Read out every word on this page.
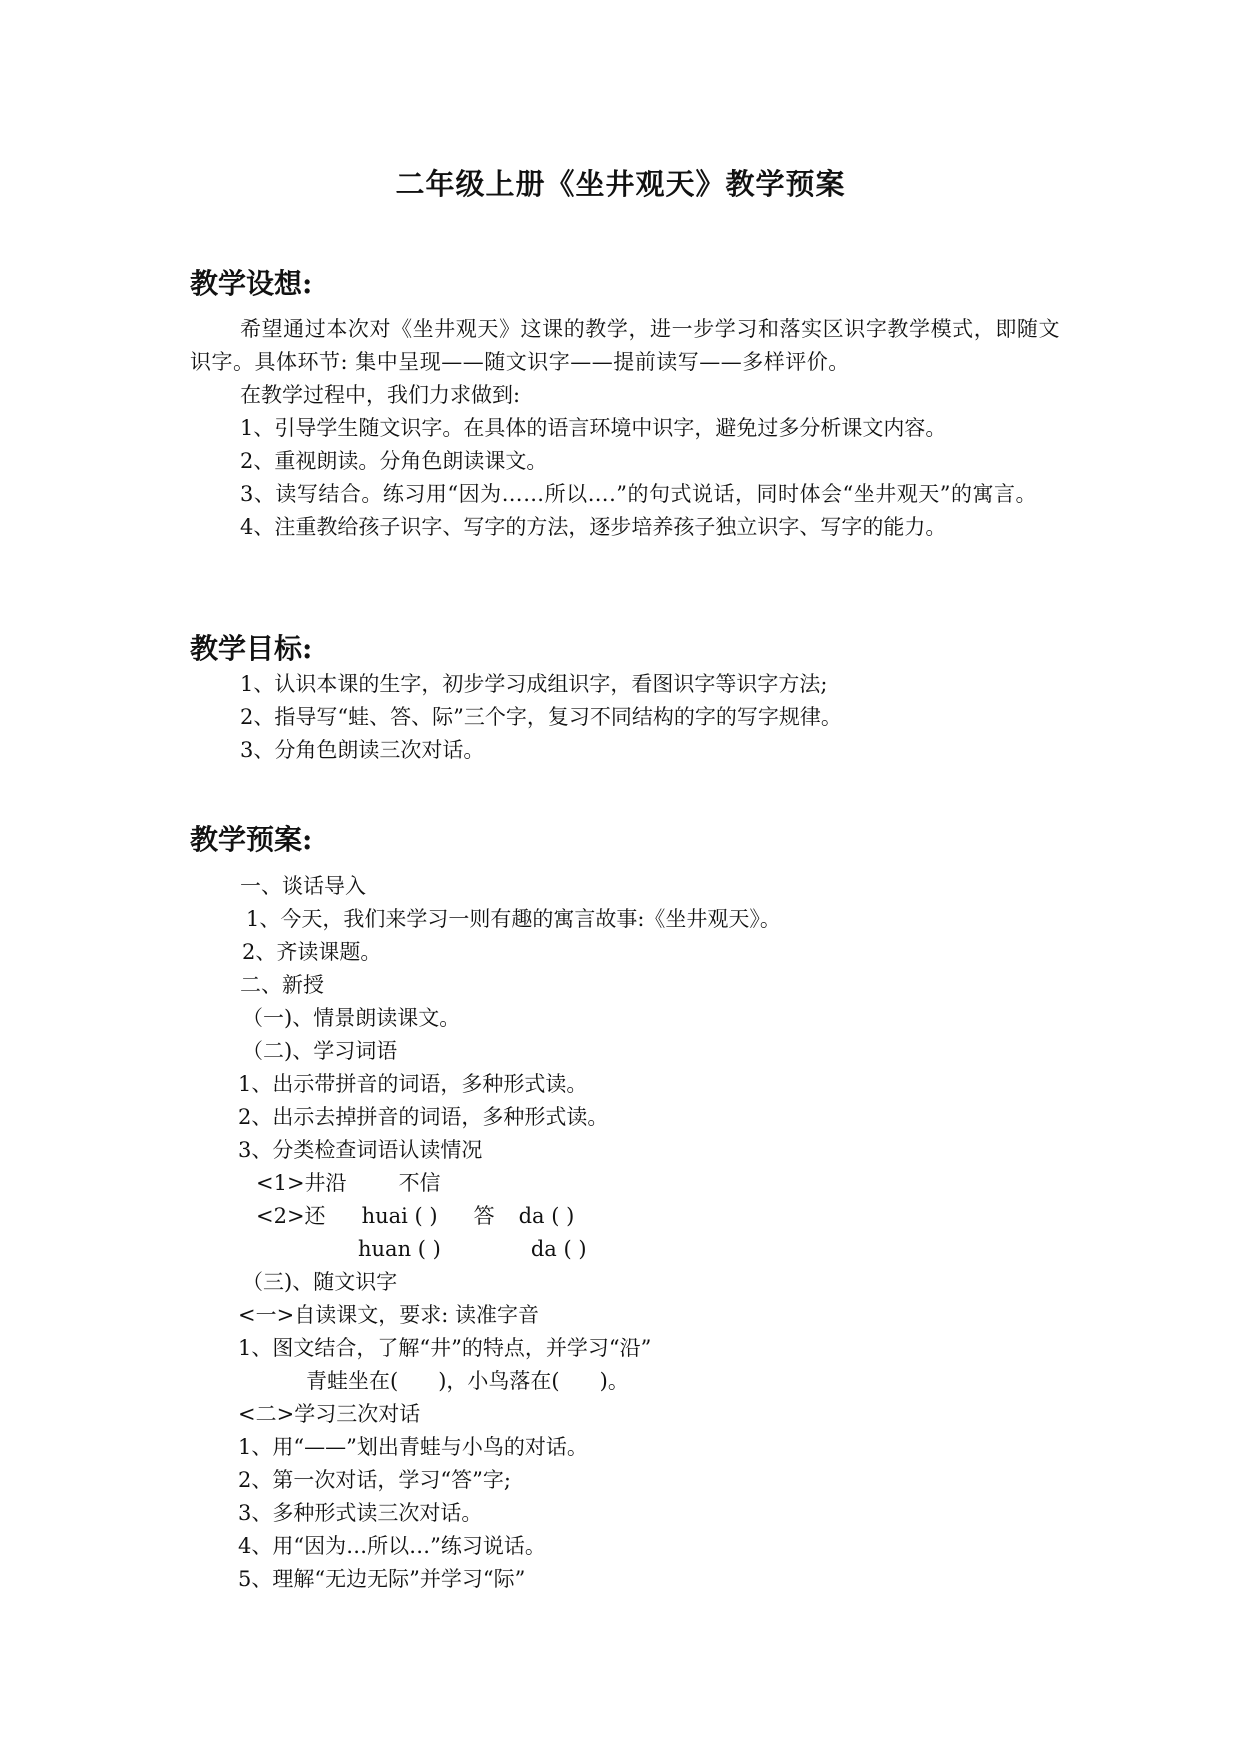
二年级上册《坐井观天》教学预案
教学设想:
希望通过本次对《坐井观天》这课的教学，进一步学习和落实区识字教学模式，即随文识字。具体环节: 集中呈现——随文识字——提前读写——多样评价。
在教学过程中，我们力求做到:
1、引导学生随文识字。在具体的语言环境中识字，避免过多分析课文内容。
2、重视朗读。分角色朗读课文。
3、读写结合。练习用“因为……所以….”的句式说话，同时体会“坐井观天”的寓言。
4、注重教给孩子识字、写字的方法，逐步培养孩子独立识字、写字的能力。
教学目标:
1、认识本课的生字，初步学习成组识字，看图识字等识字方法;
2、指导写“蛙、答、际”三个字，复习不同结构的字的写字规律。
3、分角色朗读三次对话。
教学预案:
一、谈话导入
1、今天，我们来学习一则有趣的寓言故事:《坐井观天》。
2、齐读课题。
二、新授
（一)、情景朗读课文。
（二)、学习词语
1、出示带拼音的词语，多种形式读。
2、出示去掉拼音的词语，多种形式读。
3、分类检查词语认读情况
<1>井沿 不信
<2>还 huai ( ) 答 da ( )
huan ( )	da ( )
（三)、随文识字
<一>自读课文，要求: 读准字音
1、图文结合，了解“井”的特点，并学习“沿”
青蛙坐在(      )，小鸟落在(      )。
<二>学习三次对话
1、用“——”划出青蛙与小鸟的对话。
2、第一次对话，学习“答”字;
3、多种形式读三次对话。
4、用“因为…所以…”练习说话。
5、理解“无边无际”并学习“际”
